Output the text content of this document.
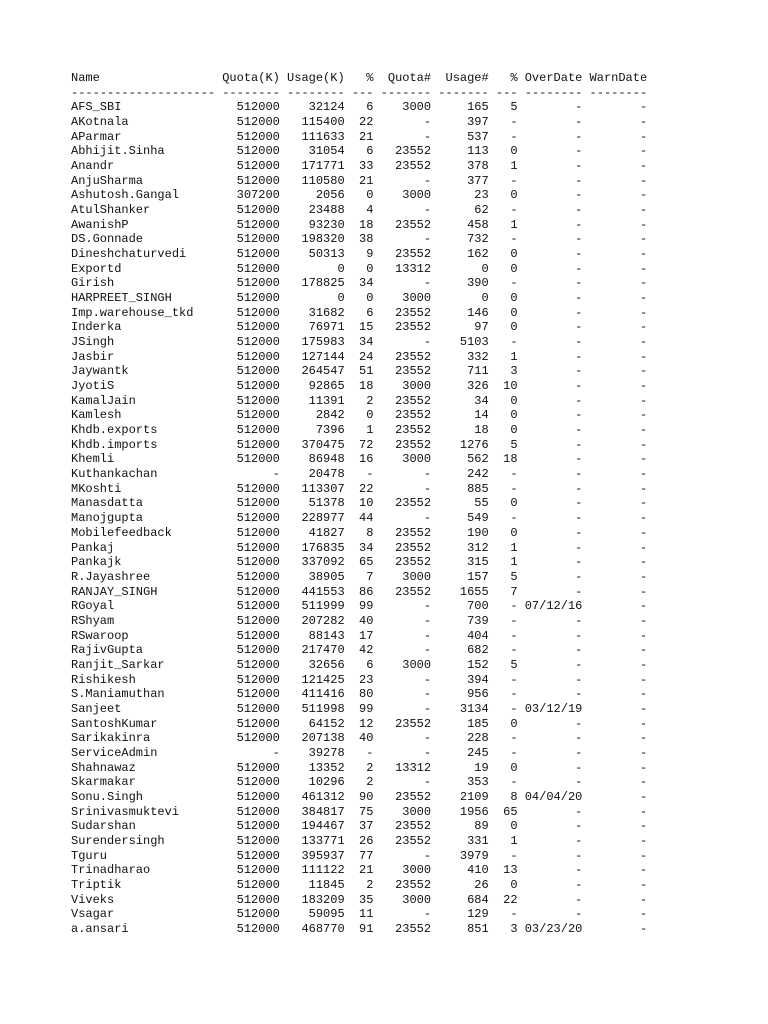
Name                 Quota(K) Usage(K)   %  Quota#  Usage#   % OverDate WarnDate
-------------------- -------- -------- --- ------- ------- --- -------- --------
AFS_SBI                512000    32124   6    3000     165   5        -        -
AKotnala               512000   115400  22       -     397   -        -        -
AParmar                512000   111633  21       -     537   -        -        -
Abhijit.Sinha          512000    31054   6   23552     113   0        -        -
Anandr                 512000   171771  33   23552     378   1        -        -
AnjuSharma             512000   110580  21       -     377   -        -        -
Ashutosh.Gangal        307200     2056   0    3000      23   0        -        -
AtulShanker            512000    23488   4       -      62   -        -        -
AwanishP               512000    93230  18   23552     458   1        -        -
DS.Gonnade             512000   198320  38       -     732   -        -        -
Dineshchaturvedi       512000    50313   9   23552     162   0        -        -
Exportd                512000        0   0   13312       0   0        -        -
Girish                 512000   178825  34       -     390   -        -        -
HARPREET_SINGH         512000        0   0    3000       0   0        -        -
Imp.warehouse_tkd      512000    31682   6   23552     146   0        -        -
Inderka                512000    76971  15   23552      97   0        -        -
JSingh                 512000   175983  34       -    5103   -        -        -
Jasbir                 512000   127144  24   23552     332   1        -        -
Jaywantk               512000   264547  51   23552     711   3        -        -
JyotiS                 512000    92865  18    3000     326  10        -        -
KamalJain              512000    11391   2   23552      34   0        -        -
Kamlesh                512000     2842   0   23552      14   0        -        -
Khdb.exports           512000     7396   1   23552      18   0        -        -
Khdb.imports           512000   370475  72   23552    1276   5        -        -
Khemli                 512000    86948  16    3000     562  18        -        -
Kuthankachan                -    20478   -       -     242   -        -        -
MKoshti                512000   113307  22       -     885   -        -        -
Manasdatta             512000    51378  10   23552      55   0        -        -
Manojgupta             512000   228977  44       -     549   -        -        -
Mobilefeedback         512000    41827   8   23552     190   0        -        -
Pankaj                 512000   176835  34   23552     312   1        -        -
Pankajk                512000   337092  65   23552     315   1        -        -
R.Jayashree            512000    38905   7    3000     157   5        -        -
RANJAY_SINGH           512000   441553  86   23552    1655   7        -        -
RGoyal                 512000   511999  99       -     700   - 07/12/16        -
RShyam                 512000   207282  40       -     739   -        -        -
RSwaroop               512000    88143  17       -     404   -        -        -
RajivGupta             512000   217470  42       -     682   -        -        -
Ranjit_Sarkar          512000    32656   6    3000     152   5        -        -
Rishikesh              512000   121425  23       -     394   -        -        -
S.Maniamuthan          512000   411416  80       -     956   -        -        -
Sanjeet                512000   511998  99       -    3134   - 03/12/19        -
SantoshKumar           512000    64152  12   23552     185   0        -        -
Sarikakinra            512000   207138  40       -     228   -        -        -
ServiceAdmin                -    39278   -       -     245   -        -        -
Shahnawaz              512000    13352   2   13312      19   0        -        -
Skarmakar              512000    10296   2       -     353   -        -        -
Sonu.Singh             512000   461312  90   23552    2109   8 04/04/20        -
Srinivasmuktevi        512000   384817  75    3000    1956  65        -        -
Sudarshan              512000   194467  37   23552      89   0        -        -
Surendersingh          512000   133771  26   23552     331   1        -        -
Tguru                  512000   395937  77       -    3979   -        -        -
Trinadharao            512000   111122  21    3000     410  13        -        -
Triptik                512000    11845   2   23552      26   0        -        -
Viveks                 512000   183209  35    3000     684  22        -        -
Vsagar                 512000    59095  11       -     129   -        -        -
a.ansari               512000   468770  91   23552     851   3 03/23/20        -
